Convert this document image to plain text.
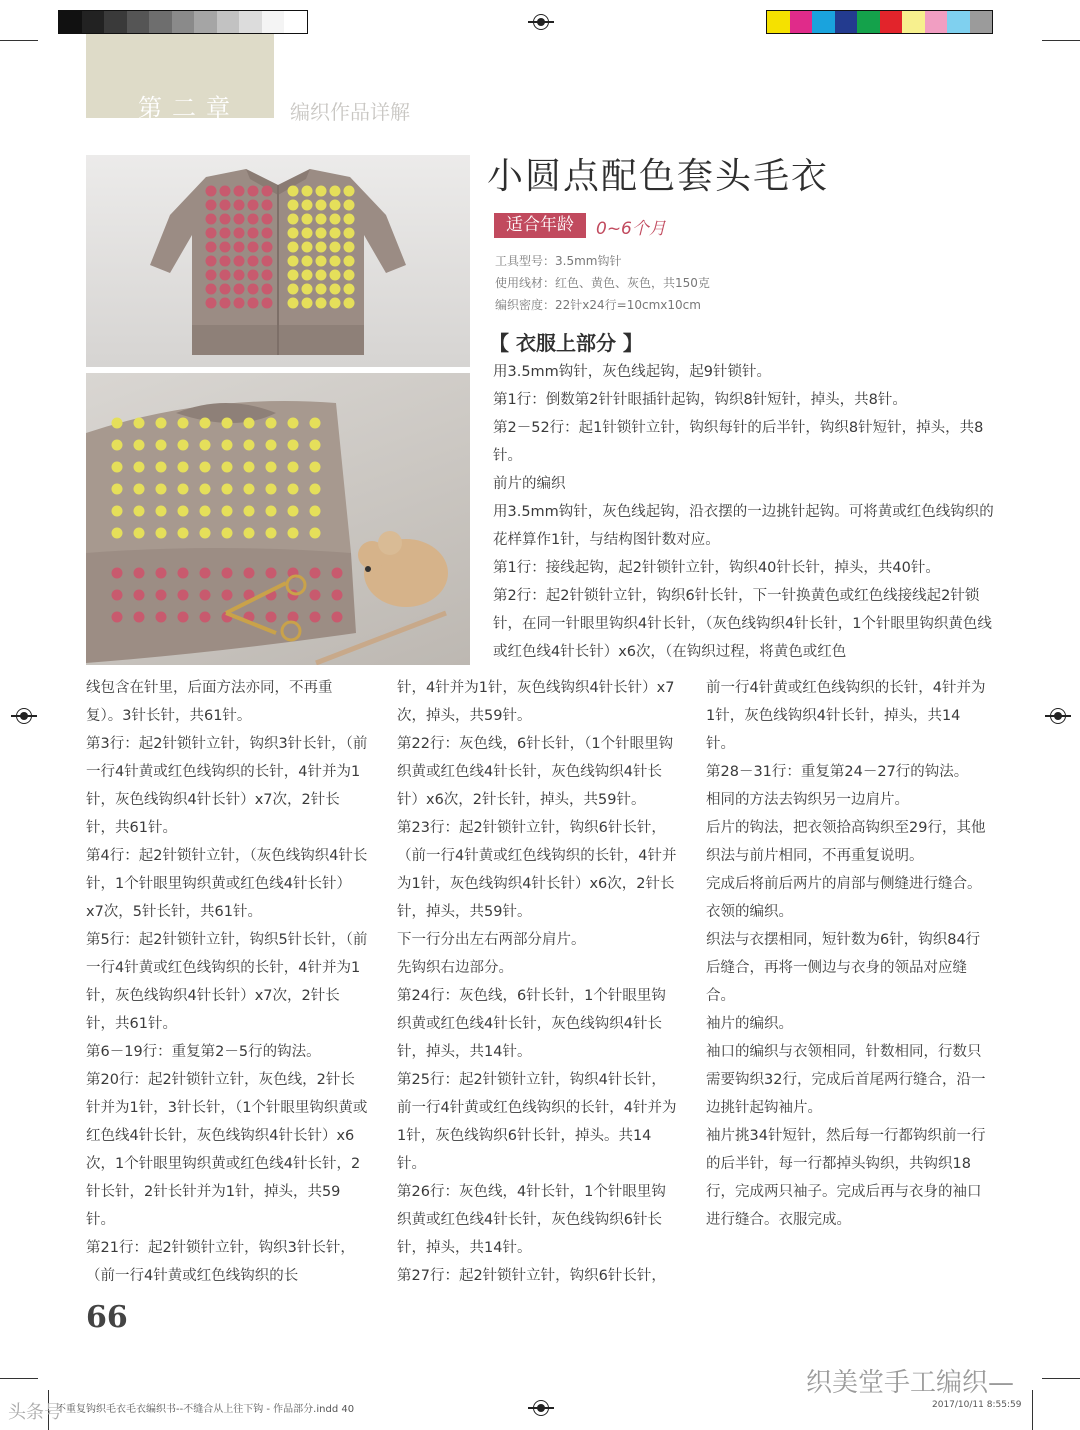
第二章	编织作品详解
小圆点配色套头毛衣
适合年龄	0~6个月
工具型号：3.5mm钩针
使用线材：红色、黄色、灰色，共150克
编织密度：22针x24行=10cmx10cm
【 衣服上部分 】

用3.5mm钩针，灰色线起钩，起9针锁针。

第1行：倒数第2针针眼插针起钩，钩织8针短针，掉头，共8针。

第2－52行：起1针锁针立针，钩织每针的后半针，钩织8针短针，掉头，共8针。

前片的编织

用3.5mm钩针，灰色线起钩，沿衣摆的一边挑针起钩。可将黄或红色线钩织的花样算作1针，与结构图针数对应。

第1行：接线起钩，起2针锁针立针，钩织40针长针，掉头，共40针。

第2行：起2针锁针立针，钩织6针长针，下一针换黄色或红色线接线起2针锁针，在同一针眼里钩织4针长针，（灰色线钩织4针长针，1个针眼里钩织黄色线或红色线4针长针）x6次，（在钩织过程，将黄色或红色

线包含在针里，后面方法亦同，不再重复）。3针长针，共61针。

第3行：起2针锁针立针，钩织3针长针，（前一行4针黄或红色线钩织的长针，4针并为1针，灰色线钩织4针长针）x7次，2针长针，共61针。

第4行：起2针锁针立针，（灰色线钩织4针长针，1个针眼里钩织黄或红色线4针长针）x7次，5针长针，共61针。

第5行：起2针锁针立针，钩织5针长针，（前一行4针黄或红色线钩织的长针，4针并为1针，灰色线钩织4针长针）x7次，2针长针，共61针。

第6－19行：重复第2－5行的钩法。

第20行：起2针锁针立针，灰色线，2针长针并为1针，3针长针，（1个针眼里钩织黄或红色线4针长针，灰色线钩织4针长针）x6次，1个针眼里钩织黄或红色线4针长针，2针长针，2针长针并为1针，掉头，共59针。

第21行：起2针锁针立针，钩织3针长针，（前一行4针黄或红色线钩织的长

针，4针并为1针，灰色线钩织4针长针）x7次，掉头，共59针。

第22行：灰色线，6针长针，（1个针眼里钩织黄或红色线4针长针，灰色线钩织4针长针）x6次，2针长针，掉头，共59针。

第23行：起2针锁针立针，钩织6针长针，（前一行4针黄或红色线钩织的长针，4针并为1针，灰色线钩织4针长针）x6次，2针长针，掉头，共59针。

下一行分出左右两部分肩片。

先钩织右边部分。

第24行：灰色线，6针长针，1个针眼里钩织黄或红色线4针长针，灰色线钩织4针长针，掉头，共14针。

第25行：起2针锁针立针，钩织4针长针，前一行4针黄或红色线钩织的长针，4针并为1针，灰色线钩织6针长针，掉头。共14针。

第26行：灰色线，4针长针，1个针眼里钩织黄或红色线4针长针，灰色线钩织6针长针，掉头，共14针。

第27行：起2针锁针立针，钩织6针长针，

前一行4针黄或红色线钩织的长针，4针并为1针，灰色线钩织4针长针，掉头，共14针。

第28－31行：重复第24－27行的钩法。

相同的方法去钩织另一边肩片。

后片的钩法，把衣领拾高钩织至29行，其他织法与前片相同，不再重复说明。

完成后将前后两片的肩部与侧缝进行缝合。

衣领的编织。

织法与衣摆相同，短针数为6针，钩织84行后缝合，再将一侧边与衣身的领品对应缝合。

袖片的编织。

袖口的编织与衣领相同，针数相同，行数只需要钩织32行，完成后首尾两行缝合，沿一边挑针起钩袖片。

袖片挑34针短针，然后每一行都钩织前一行的后半针，每一行都掉头钩织，共钩织18行，完成两只袖子。完成后再与衣身的袖口进行缝合。衣服完成。

66
不重复钩织毛衣毛衣编织书--不缝合从上往下钩 - 作品部分.indd 40	2017/10/11 8:55:59
头条号
织美堂手工编织—
